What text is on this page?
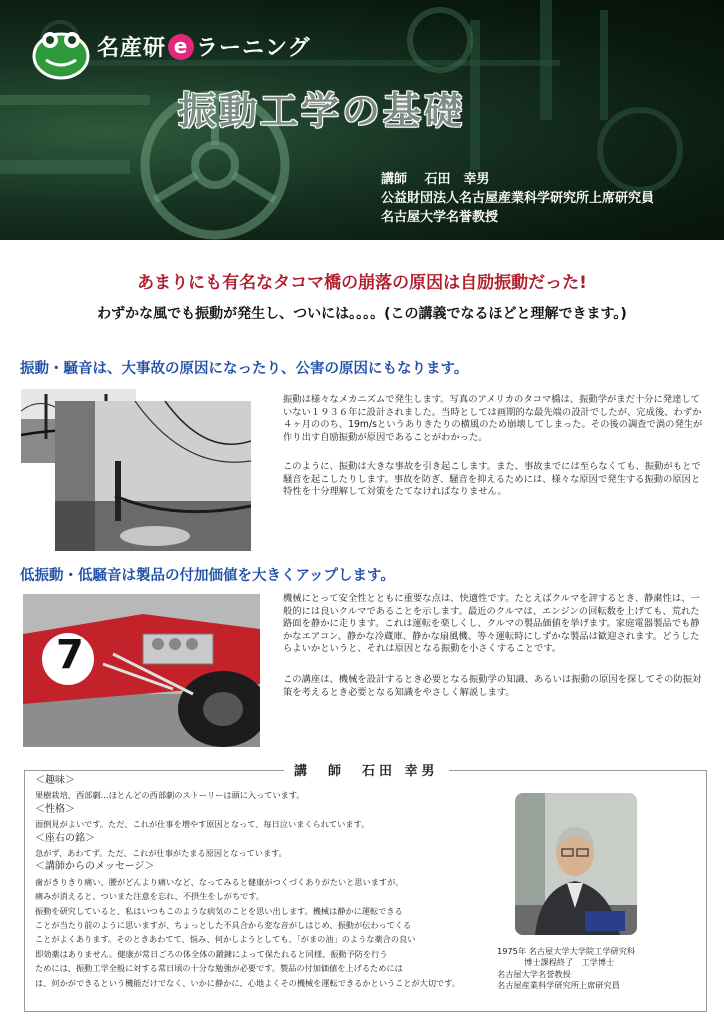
名産研 e ラーニング
振動工学の基礎
講師　 石田　幸男
公益財団法人名古屋産業科学研究所上席研究員
名古屋大学名誉教授
あまりにも有名なタコマ橋の崩落の原因は自励振動だった!
わずかな風でも振動が発生し、ついには。。。。(この講義でなるほどと理解できます。)
振動・騒音は、大事故の原因になったり、公害の原因にもなります。
振動は様々なメカニズムで発生します。写真のアメリカのタコマ橋は、振動学がまだ十分に発達していない１９３６年に設計されました。当時としては画期的な最先端の設計でしたが、完成後、わずか４ヶ月ののち、19m/sというありきたりの横風のため崩壊してしまった。その後の調査で渦の発生が作り出す自励振動が原因であることがわかった。
このように、振動は大きな事故を引き起こします。また、事故までには至らなくても、振動がもとで騒音を起こしたりします。事故を防ぎ、騒音を抑えるためには、様々な原因で発生する振動の原因と特性を十分理解して対策をたてなければなりません。
低振動・低騒音は製品の付加価値を大きくアップします。
7
機械にとって安全性とともに重要な点は、快適性です。たとえばクルマを評するとき、静粛性は、一般的には良いクルマであることを示します。最近のクルマは、エンジンの回転数を上げても、荒れた路面を静かに走ります。これは運転を楽しくし、クルマの製品価値を挙げます。家庭電器製品でも静かなエアコン、静かな冷蔵庫、静かな扇風機、等々運転時にしずかな製品は歓迎されます。どうしたらよいかというと、それは原因となる振動を小さくすることです。
この講座は、機械を設計するとき必要となる振動学の知識、あるいは振動の原因を探してその防振対策を考えるとき必要となる知識をやさしく解説します。
講　師　石田 幸男
＜趣味＞
果樹栽培、西部劇…ほとんどの西部劇のストーリーは頭に入っています。
＜性格＞
面倒見がよいです。ただ、これが仕事を増やす原因となって、毎日泣いまくられています。
＜座右の銘＞
急がず、あわてず。ただ、これが仕事がたまる原因となっています。
＜講師からのメッセージ＞
歯がきりきり痛い、腰がどんより痛いなど、なってみると健康がつくづくありがたいと思いますが、
痛みが消えると、ついまた注意を忘れ、不摂生をしがちです。
振動を研究していると、私はいつもこのような病気のことを思い出します。機械は静かに運転できる
ことが当たり前のように思いますが、ちょっとした不具合から変な音がしはじめ、振動が伝わってくる
ことがよくあります。そのときあわてて、悩み、何かしようとしても、「がまの油」のような薬合の良い
即効薬はありません。健康が常日ごろの体全体の鍛錬によって保たれると同様、振動予防を行う
ためには、振動工学全般に対する常日頃の十分な勉強が必要です。製品の付加価値を上げるためには
は、何かができるという機能だけでなく、いかに静かに、心地よくその機械を運転できるかということが大切です。
1975年 名古屋大学大学院工学研究科
　　　 博士課程終了　工学博士
名古屋大学名誉教授
名古屋産業科学研究所上席研究員
